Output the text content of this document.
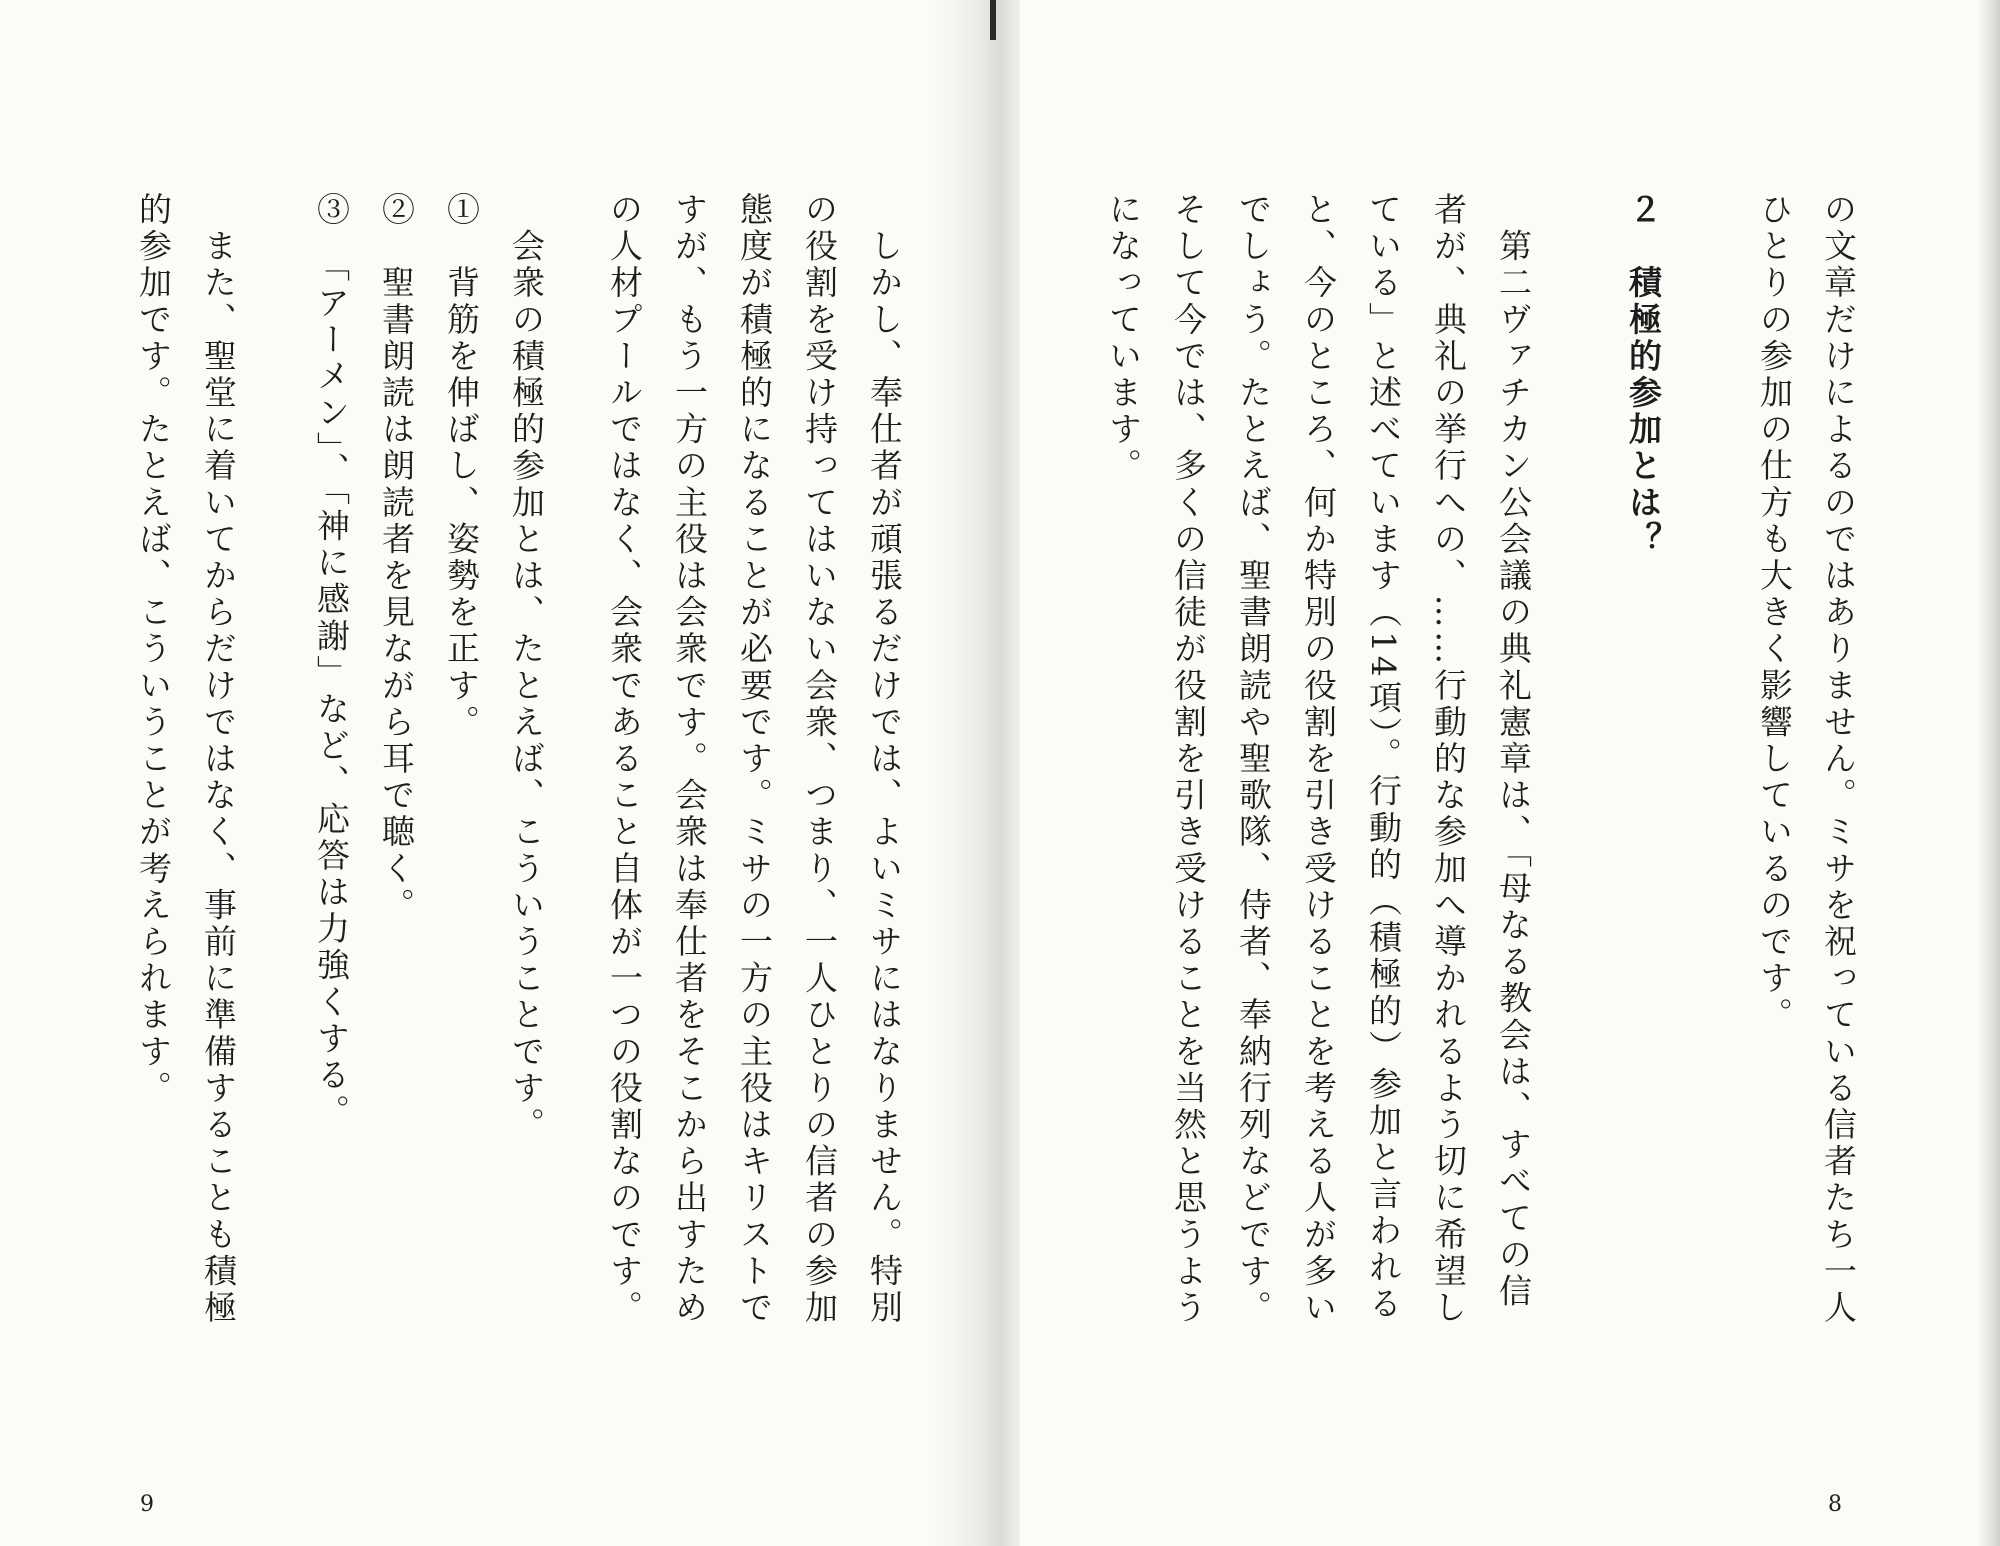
の文章だけによるのではありません。ミサを祝っている信者たち一人
ひとりの参加の仕方も大きく影響しているのです。
２　積極的参加とは？
　第二ヴァチカン公会議の典礼憲章は、「母なる教会は、すべての信
者が、典礼の挙行への、……行動的な参加へ導かれるよう切に希望し
ている」と述べています（14項）。行動的（積極的）参加と言われる
と、今のところ、何か特別の役割を引き受けることを考える人が多い
でしょう。たとえば、聖書朗読や聖歌隊、侍者、奉納行列などです。
そして今では、多くの信徒が役割を引き受けることを当然と思うよう
になっています。
8
　しかし、奉仕者が頑張るだけでは、よいミサにはなりません。特別
の役割を受け持ってはいない会衆、つまり、一人ひとりの信者の参加
態度が積極的になることが必要です。ミサの一方の主役はキリストで
すが、もう一方の主役は会衆です。会衆は奉仕者をそこから出すため
の人材プールではなく、会衆であること自体が一つの役割なのです。
　会衆の積極的参加とは、たとえば、こういうことです。
①　背筋を伸ばし、姿勢を正す。
②　聖書朗読は朗読者を見ながら耳で聴く。
③　「アーメン」、「神に感謝」など、応答は力強くする。
　また、聖堂に着いてからだけではなく、事前に準備することも積極
的参加です。たとえば、こういうことが考えられます。
9
